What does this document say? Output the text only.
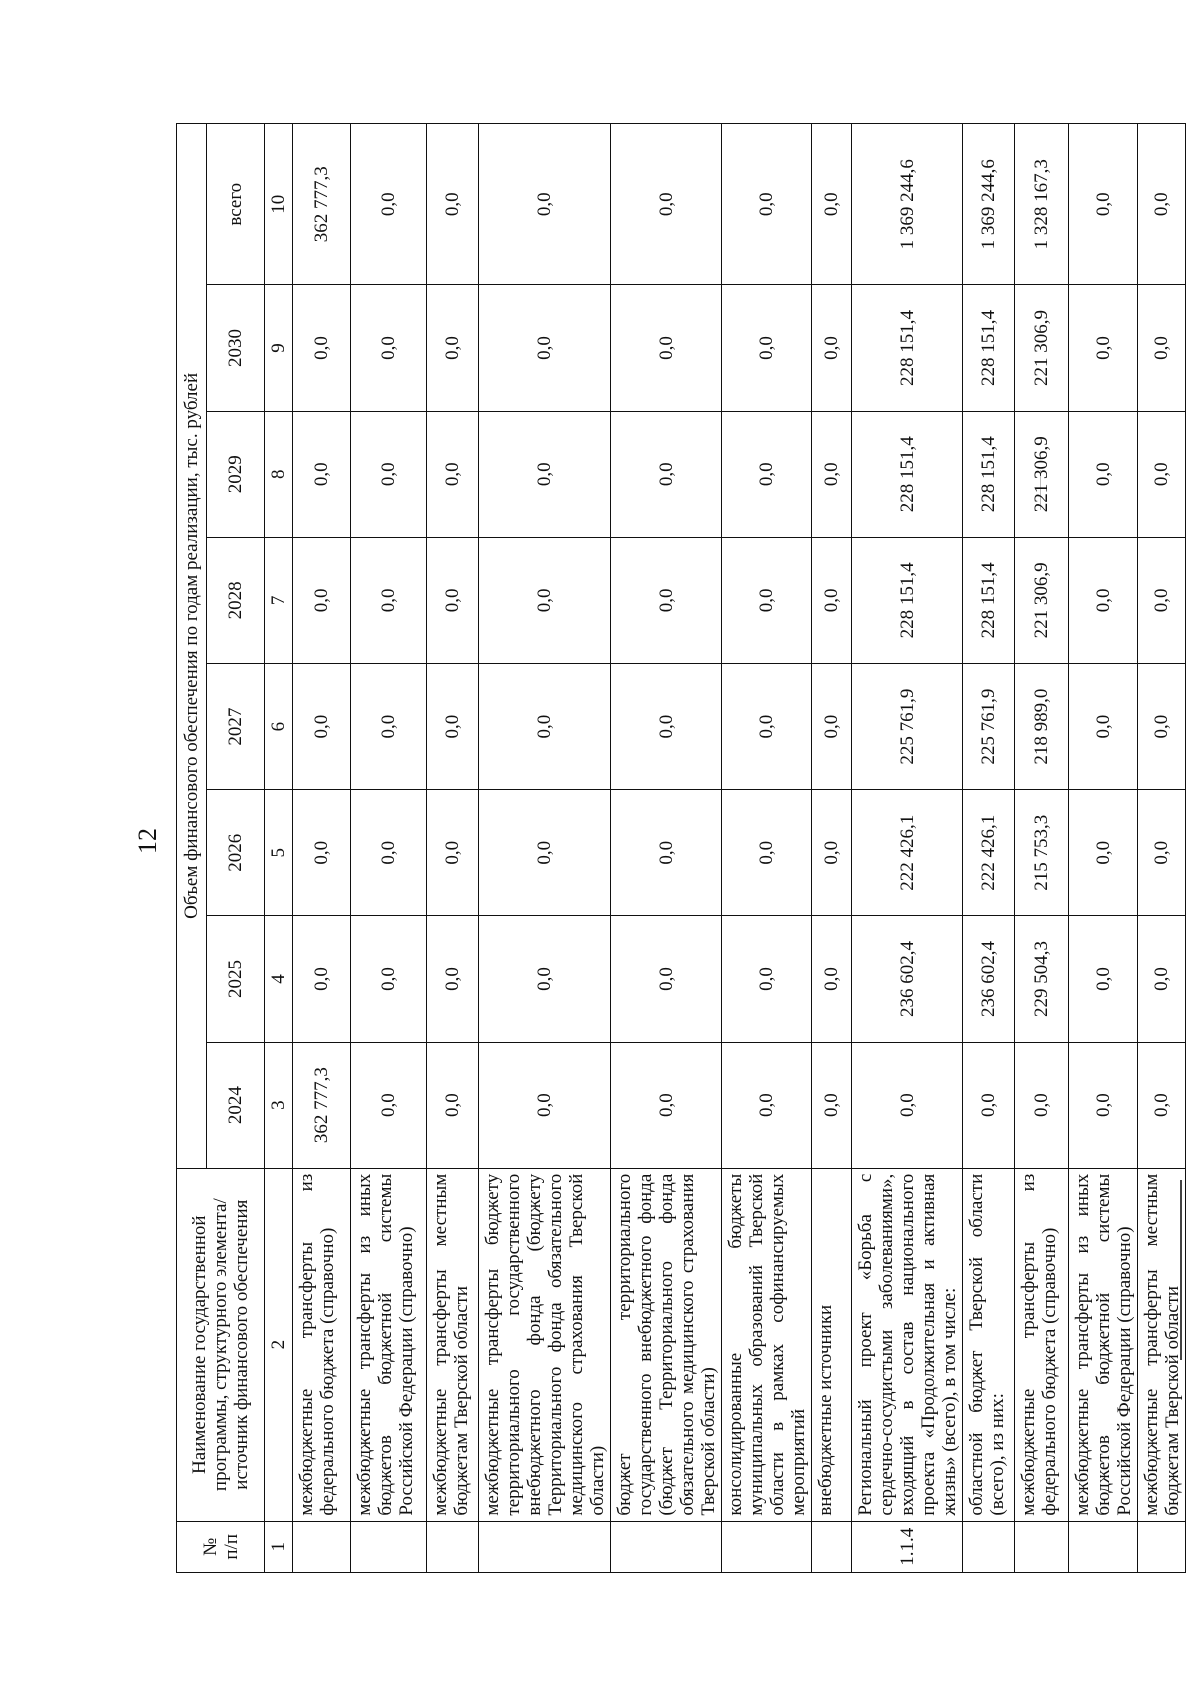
12
№
п/п	Наименование государственной программы, структурного элемента/источник финансового обеспечения	Объем финансового обеспечения по годам реализации, тыс. рублей							
		2024	2025	2026	2027	2028	2029	2030	всего
1	2	3	4	5	6	7	8	9	10
	межбюджетные трансферты из федерального бюджета (справочно)	362 777,3	0,0	0,0	0,0	0,0	0,0	0,0	362 777,3
	межбюджетные трансферты из иных бюджетов бюджетной системы Российской Федерации (справочно)	0,0	0,0	0,0	0,0	0,0	0,0	0,0	0,0
	межбюджетные трансферты местным бюджетам Тверской области	0,0	0,0	0,0	0,0	0,0	0,0	0,0	0,0
	межбюджетные трансферты бюджету территориального государственного внебюджетного фонда (бюджету Территориального фонда обязательного медицинского страхования Тверской области)	0,0	0,0	0,0	0,0	0,0	0,0	0,0	0,0
	бюджет территориального государственного внебюджетного фонда (бюджет Территориального фонда обязательного медицинского страхования Тверской области)	0,0	0,0	0,0	0,0	0,0	0,0	0,0	0,0
	консолидированные бюджеты муниципальных образований Тверской области в рамках софинансируемых мероприятий	0,0	0,0	0,0	0,0	0,0	0,0	0,0	0,0
	внебюджетные источники	0,0	0,0	0,0	0,0	0,0	0,0	0,0	0,0
1.1.4	Региональный проект «Борьба с сердечно-сосудистыми заболеваниями», входящий в состав национального проекта «Продолжительная и активная жизнь» (всего), в том числе:	0,0	236 602,4	222 426,1	225 761,9	228 151,4	228 151,4	228 151,4	1 369 244,6
	областной бюджет Тверской области (всего), из них:	0,0	236 602,4	222 426,1	225 761,9	228 151,4	228 151,4	228 151,4	1 369 244,6
	межбюджетные трансферты из федерального бюджета (справочно)	0,0	229 504,3	215 753,3	218 989,0	221 306,9	221 306,9	221 306,9	1 328 167,3
	межбюджетные трансферты из иных бюджетов бюджетной системы Российской Федерации (справочно)	0,0	0,0	0,0	0,0	0,0	0,0	0,0	0,0
	межбюджетные трансферты местным бюджетам Тверской области	0,0	0,0	0,0	0,0	0,0	0,0	0,0	0,0
